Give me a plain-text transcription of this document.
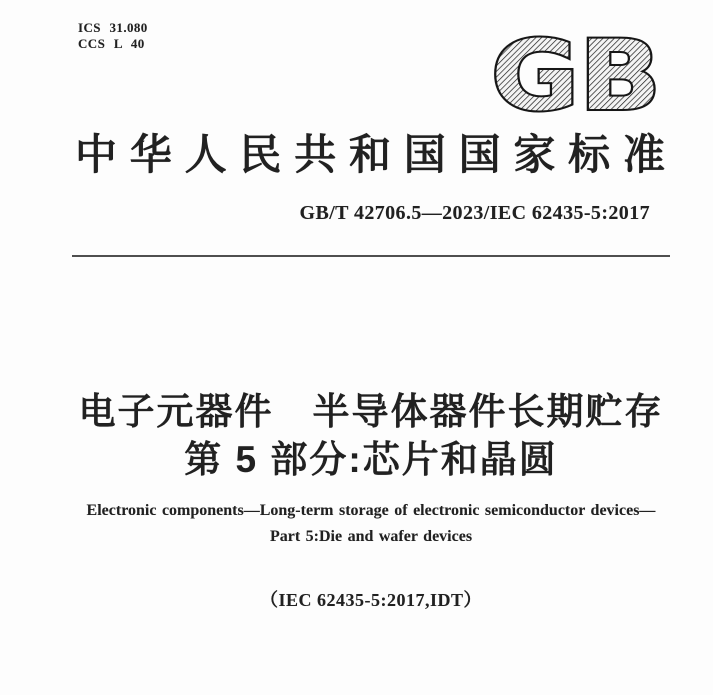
ICS 31.080
CCS L 40	GB
中 华 人 民 共 和 国 国 家 标 准
GB/T 42706.5—2023/IEC 62435-5:2017
电子元器件　半导体器件长期贮存
第 5 部分:芯片和晶圆
Electronic components—Long-term storage of electronic semiconductor devices—
Part 5:Die and wafer devices
（IEC 62435-5:2017,IDT）
